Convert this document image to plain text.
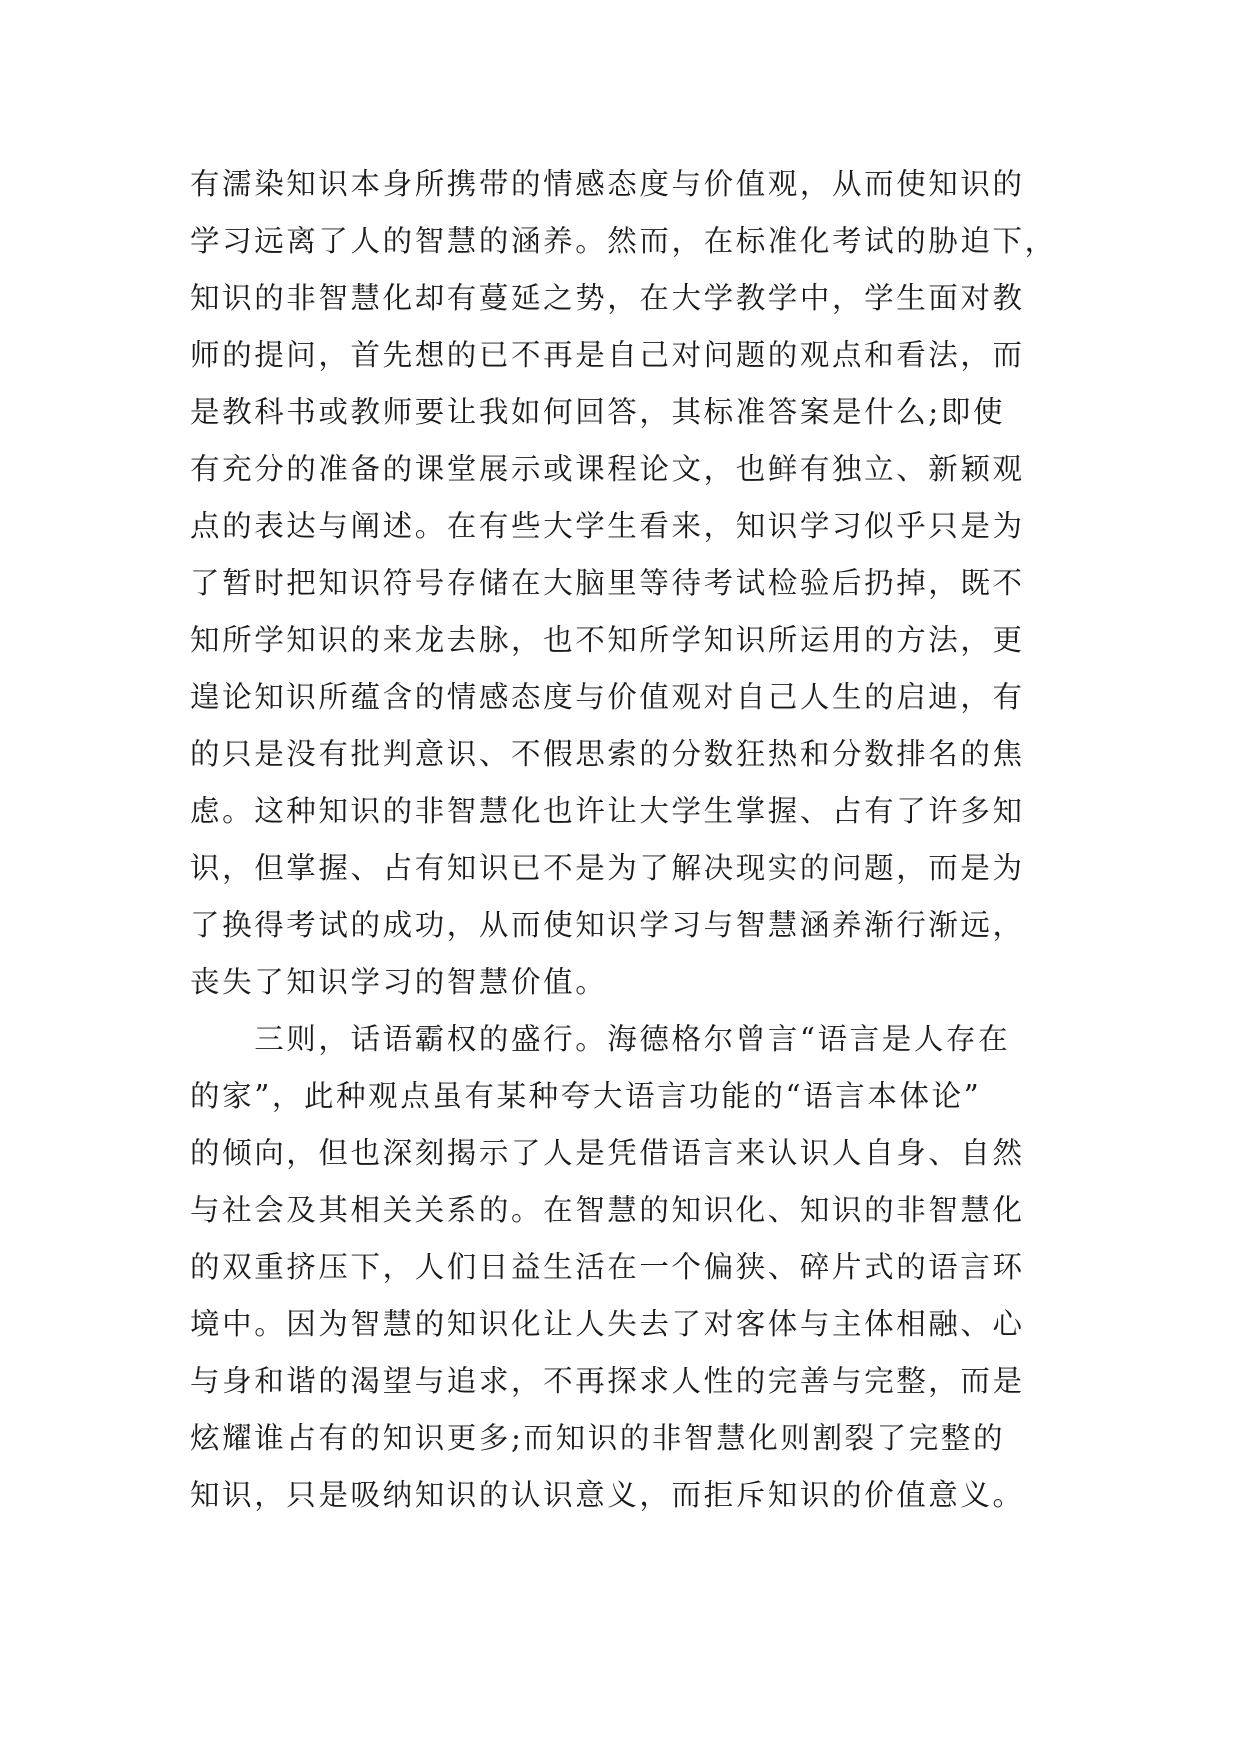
有濡染知识本身所携带的情感态度与价值观，从而使知识的
学习远离了人的智慧的涵养。然而，在标准化考试的胁迫下，
知识的非智慧化却有蔓延之势，在大学教学中，学生面对教
师的提问，首先想的已不再是自己对问题的观点和看法，而
是教科书或教师要让我如何回答，其标准答案是什么;即使
有充分的准备的课堂展示或课程论文，也鲜有独立、新颖观
点的表达与阐述。在有些大学生看来，知识学习似乎只是为
了暂时把知识符号存储在大脑里等待考试检验后扔掉，既不
知所学知识的来龙去脉，也不知所学知识所运用的方法，更
遑论知识所蕴含的情感态度与价值观对自己人生的启迪，有
的只是没有批判意识、不假思索的分数狂热和分数排名的焦
虑。这种知识的非智慧化也许让大学生掌握、占有了许多知
识，但掌握、占有知识已不是为了解决现实的问题，而是为
了换得考试的成功，从而使知识学习与智慧涵养渐行渐远，
丧失了知识学习的智慧价值。
　　三则，话语霸权的盛行。海德格尔曾言“语言是人存在
的家”，此种观点虽有某种夸大语言功能的“语言本体论”
的倾向，但也深刻揭示了人是凭借语言来认识人自身、自然
与社会及其相关关系的。在智慧的知识化、知识的非智慧化
的双重挤压下，人们日益生活在一个偏狭、碎片式的语言环
境中。因为智慧的知识化让人失去了对客体与主体相融、心
与身和谐的渴望与追求，不再探求人性的完善与完整，而是
炫耀谁占有的知识更多;而知识的非智慧化则割裂了完整的
知识，只是吸纳知识的认识意义，而拒斥知识的价值意义。
